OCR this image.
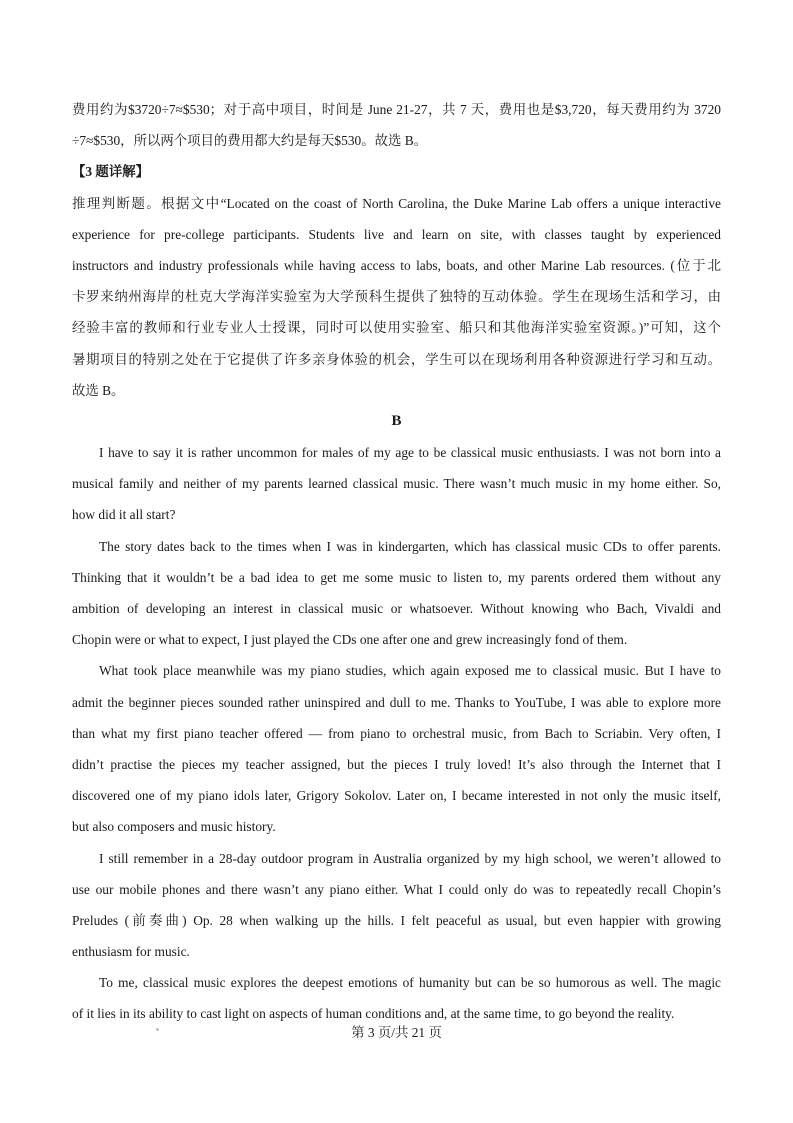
费用约为$3720÷7≈$530；对于高中项目，时间是 June 21-27，共 7 天，费用也是$3,720，每天费用约为 3720
÷7≈$530，所以两个项目的费用都大约是每天$530。故选 B。
【3 题详解】
推理判断题。根据文中“Located on the coast of North Carolina, the Duke Marine Lab offers a unique interactive
experience for pre-college participants. Students live and learn on site, with classes taught by experienced
instructors and industry professionals while having access to labs, boats, and other Marine Lab resources. (位于北
卡罗来纳州海岸的杜克大学海洋实验室为大学预科生提供了独特的互动体验。学生在现场生活和学习，由
经验丰富的教师和行业专业人士授课，同时可以使用实验室、船只和其他海洋实验室资源。)”可知，这个
暑期项目的特别之处在于它提供了许多亲身体验的机会，学生可以在现场利用各种资源进行学习和互动。
故选 B。
B
I have to say it is rather uncommon for males of my age to be classical music enthusiasts. I was not born into a
musical family and neither of my parents learned classical music. There wasn’t much music in my home either. So,
how did it all start?
The story dates back to the times when I was in kindergarten, which has classical music CDs to offer parents.
Thinking that it wouldn’t be a bad idea to get me some music to listen to, my parents ordered them without any
ambition of developing an interest in classical music or whatsoever. Without knowing who Bach, Vivaldi and
Chopin were or what to expect, I just played the CDs one after one and grew increasingly fond of them.
What took place meanwhile was my piano studies, which again exposed me to classical music. But I have to
admit the beginner pieces sounded rather uninspired and dull to me. Thanks to YouTube, I was able to explore more
than what my first piano teacher offered — from piano to orchestral music, from Bach to Scriabin. Very often, I
didn’t practise the pieces my teacher assigned, but the pieces I truly loved! It’s also through the Internet that I
discovered one of my piano idols later, Grigory Sokolov. Later on, I became interested in not only the music itself,
but also composers and music history.
I still remember in a 28-day outdoor program in Australia organized by my high school, we weren’t allowed to
use our mobile phones and there wasn’t any piano either. What I could only do was to repeatedly recall Chopin’s
Preludes (前奏曲) Op. 28 when walking up the hills. I felt peaceful as usual, but even happier with growing
enthusiasm for music.
To me, classical music explores the deepest emotions of humanity but can be so humorous as well. The magic
of it lies in its ability to cast light on aspects of human conditions and, at the same time, to go beyond the reality.
第 3 页/共 21 页
